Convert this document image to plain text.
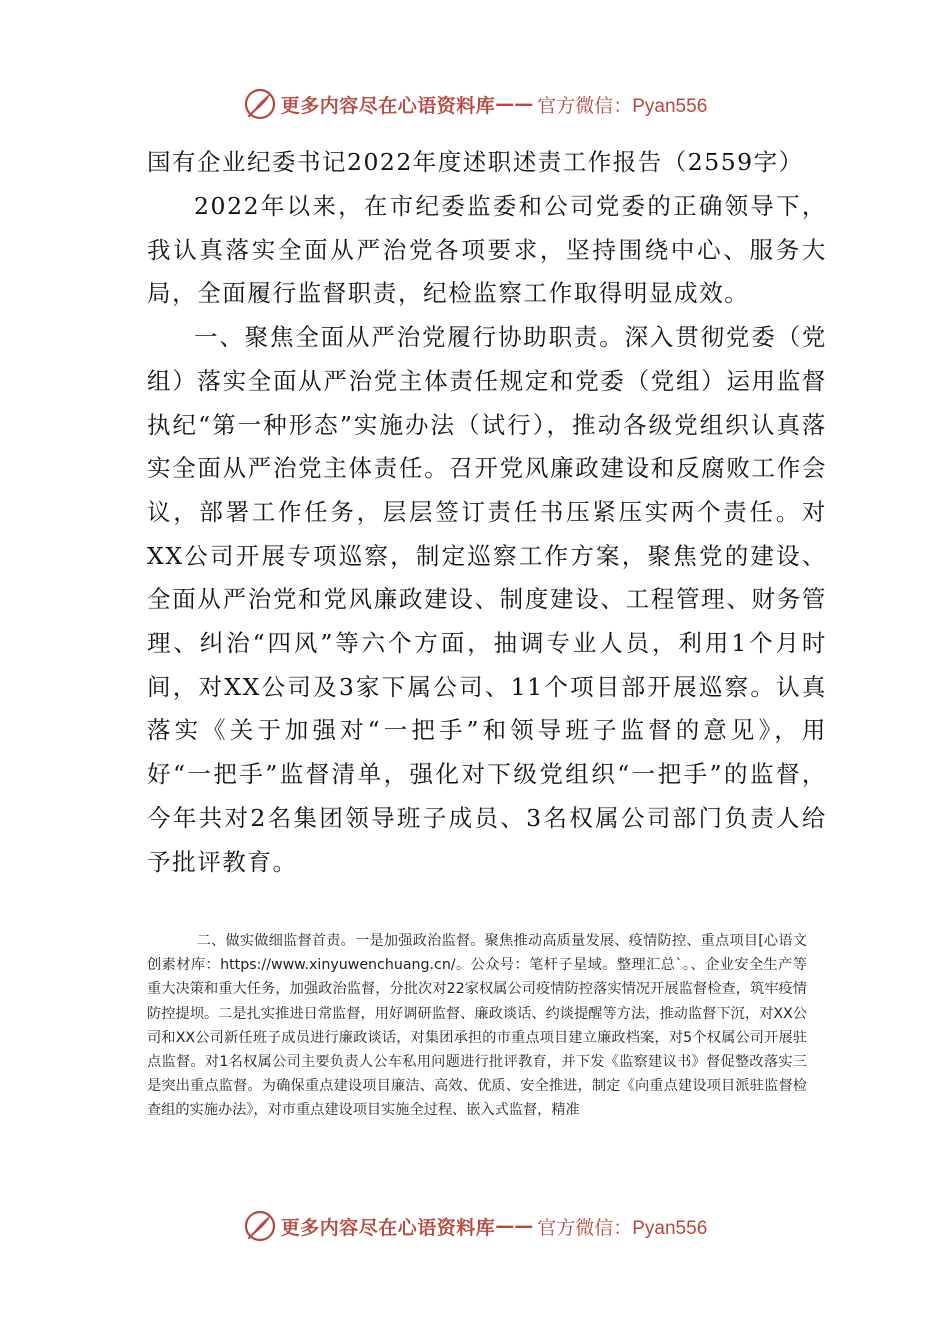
更多内容尽在心语资料库 —— 官方微信：Pyan556
国有企业纪委书记2022年度述职述责工作报告（2559字）

2022年以来，在市纪委监委和公司党委的正确领导下，我认真落实全面从严治党各项要求，坚持围绕中心、服务大局，全面履行监督职责，纪检监察工作取得明显成效。

一、聚焦全面从严治党履行协助职责。深入贯彻党委（党组）落实全面从严治党主体责任规定和党委（党组）运用监督执纪“第一种形态”实施办法（试行），推动各级党组织认真落实全面从严治党主体责任。召开党风廉政建设和反腐败工作会议，部署工作任务，层层签订责任书压紧压实两个责任。对XX公司开展专项巡察，制定巡察工作方案，聚焦党的建设、全面从严治党和党风廉政建设、制度建设、工程管理、财务管理、纠治“四风”等六个方面，抽调专业人员，利用1个月时间，对XX公司及3家下属公司、11个项目部开展巡察。认真落实《关于加强对“一把手”和领导班子监督的意见》，用好“一把手”监督清单，强化对下级党组织“一把手”的监督，今年共对2名集团领导班子成员、3名权属公司部门负责人给予批评教育。

二、做实做细监督首责。一是加强政治监督。聚焦推动高质量发展、疫情防控、重点项目[心语文创素材库：https://www.xinyuwenchuang.cn/。公众号：笔杆子星域。整理汇总`。、企业安全生产等重大决策和重大任务，加强政治监督，分批次对22家权属公司疫情防控落实情况开展监督检查，筑牢疫情防控提坝。二是扎实推进日常监督，用好调研监督、廉政谈话、约谈提醒等方法，推动监督下沉，对XX公司和XX公司新任班子成员进行廉政谈话，对集团承担的市重点项目建立廉政档案，对5个权属公司开展驻点监督。对1名权属公司主要负责人公车私用问题进行批评教育，并下发《监察建议书》督促整改落实三是突出重点监督。为确保重点建设项目廉洁、高效、优质、安全推进，制定《向重点建设项目派驻监督检查组的实施办法》，对市重点建设项目实施全过程、嵌入式监督，精准

更多内容尽在心语资料库 —— 官方微信：Pyan556
